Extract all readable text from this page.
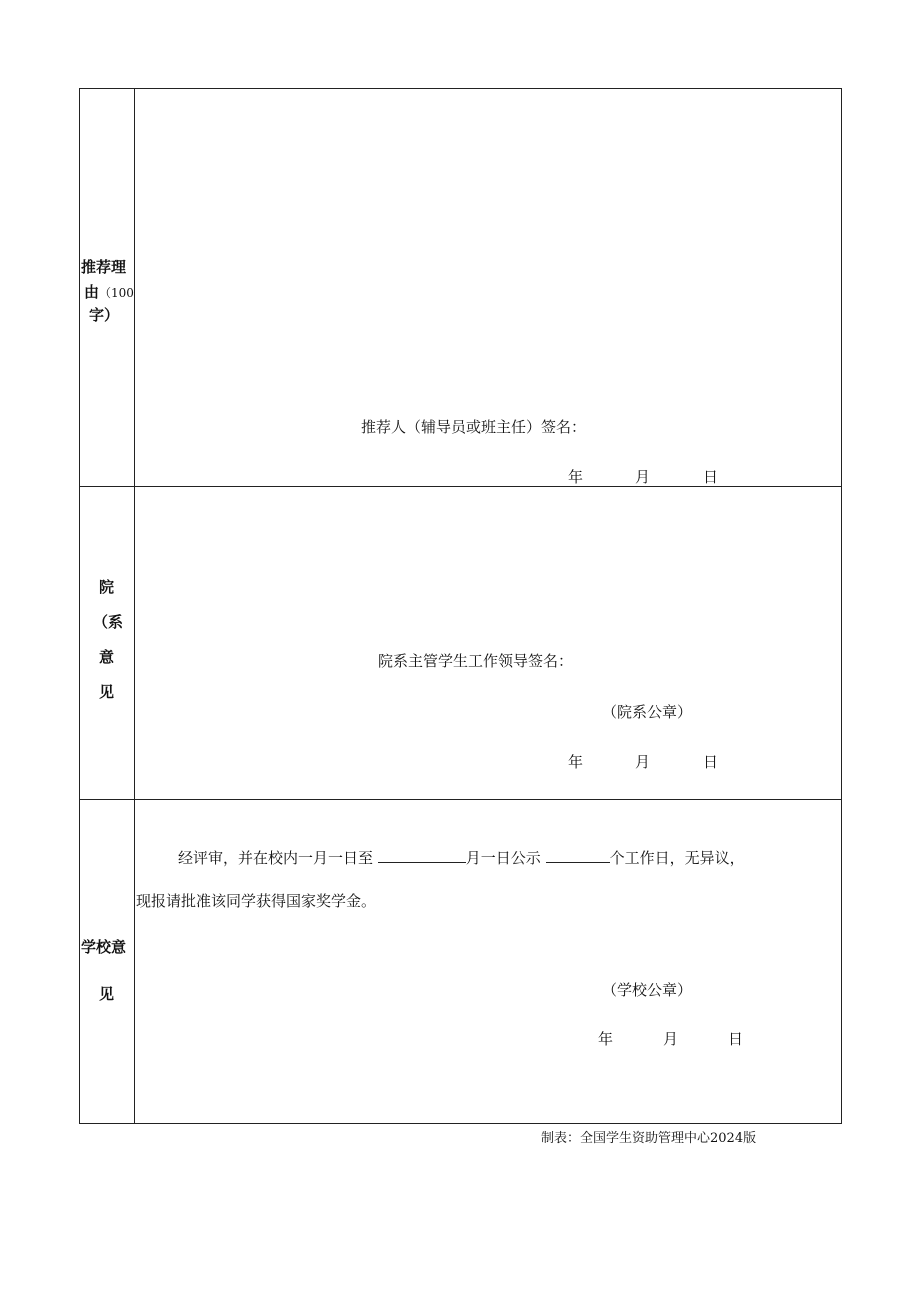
推荐理
由（100
字）
推荐人（辅导员或班主任）签名：
年	月	日
院
（系
意
见
院系主管学生工作领导签名：
（院系公章）
年	月	日
学校意
见
经评审，并在校内一月一日至	月一日公示	个工作日，无异议，
现报请批准该同学获得国家奖学金。
（学校公章）
年	月	日
制表：全国学生资助管理中心2024版
